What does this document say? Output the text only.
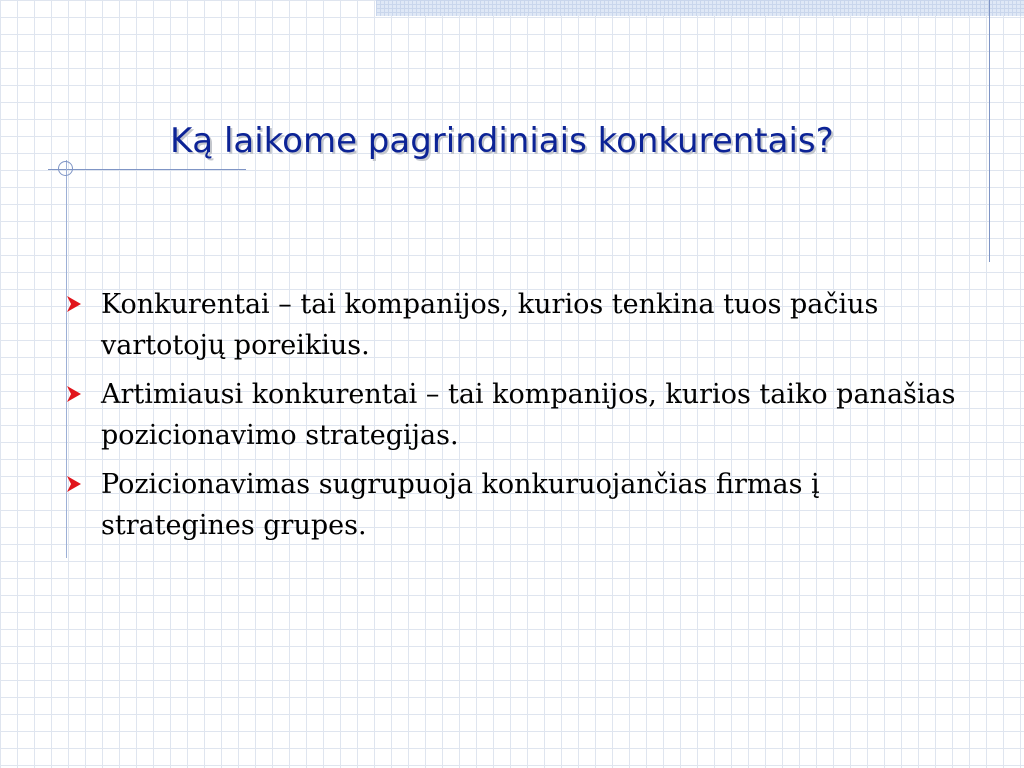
Ką laikome pagrindiniais konkurentais?
Konkurentai – tai kompanijos, kurios tenkina tuos pačius vartotojų poreikius.
Artimiausi konkurentai – tai kompanijos, kurios taiko panašias pozicionavimo strategijas.
Pozicionavimas sugrupuoja konkuruojančias firmas į strategines grupes.
